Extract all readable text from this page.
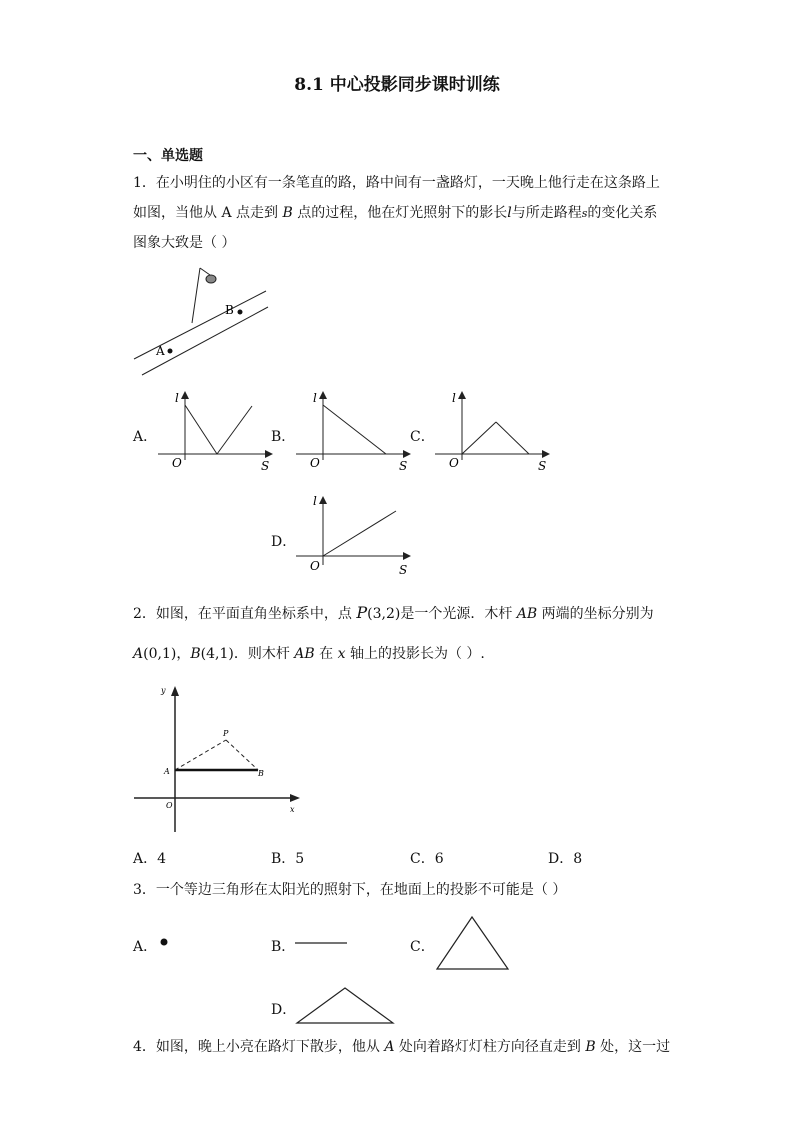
8.1 中心投影同步课时训练
一、单选题
1．在小明住的小区有一条笔直的路，路中间有一盏路灯，一天晚上他行走在这条路上
如图，当他从 A 点走到 B 点的过程，他在灯光照射下的影长l与所走路程s的变化关系
图象大致是（ ）
B
A
A．
l
O	S
B．
l
O	S
C．
l
O	S
D．
l
O	S
2．如图，在平面直角坐标系中，点 P(3,2)是一个光源．木杆 AB 两端的坐标分别为
A(0,1)，B(4,1)．则木杆 AB 在 x 轴上的投影长为（ ）.
y
x
O
A	B
P
A．4	B．5	C．6	D．8
3．一个等边三角形在太阳光的照射下，在地面上的投影不可能是（ ）
A．	B．	C．
D．
4．如图，晚上小亮在路灯下散步，他从 A 处向着路灯灯柱方向径直走到 B 处，这一过
